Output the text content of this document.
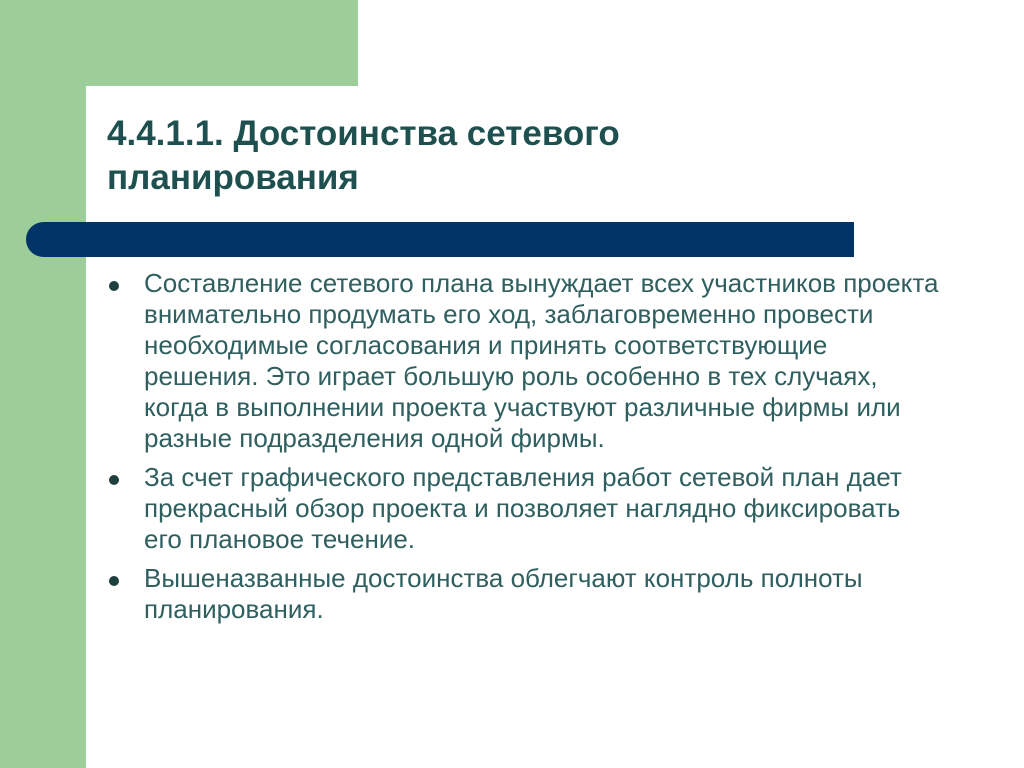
4.4.1.1. Достоинства сетевого планирования
Составление сетевого плана вынуждает всех участников проекта внимательно продумать его ход, заблаговременно провести необходимые согласования и принять соответствующие решения. Это играет большую роль особенно в тех случаях, когда в выполнении проекта участвуют различные фирмы или разные подразделения одной фирмы.
За счет графического представления работ сетевой план дает прекрасный обзор проекта и позволяет наглядно фиксировать его плановое течение.
Вышеназванные достоинства облегчают контроль полноты планирования.
